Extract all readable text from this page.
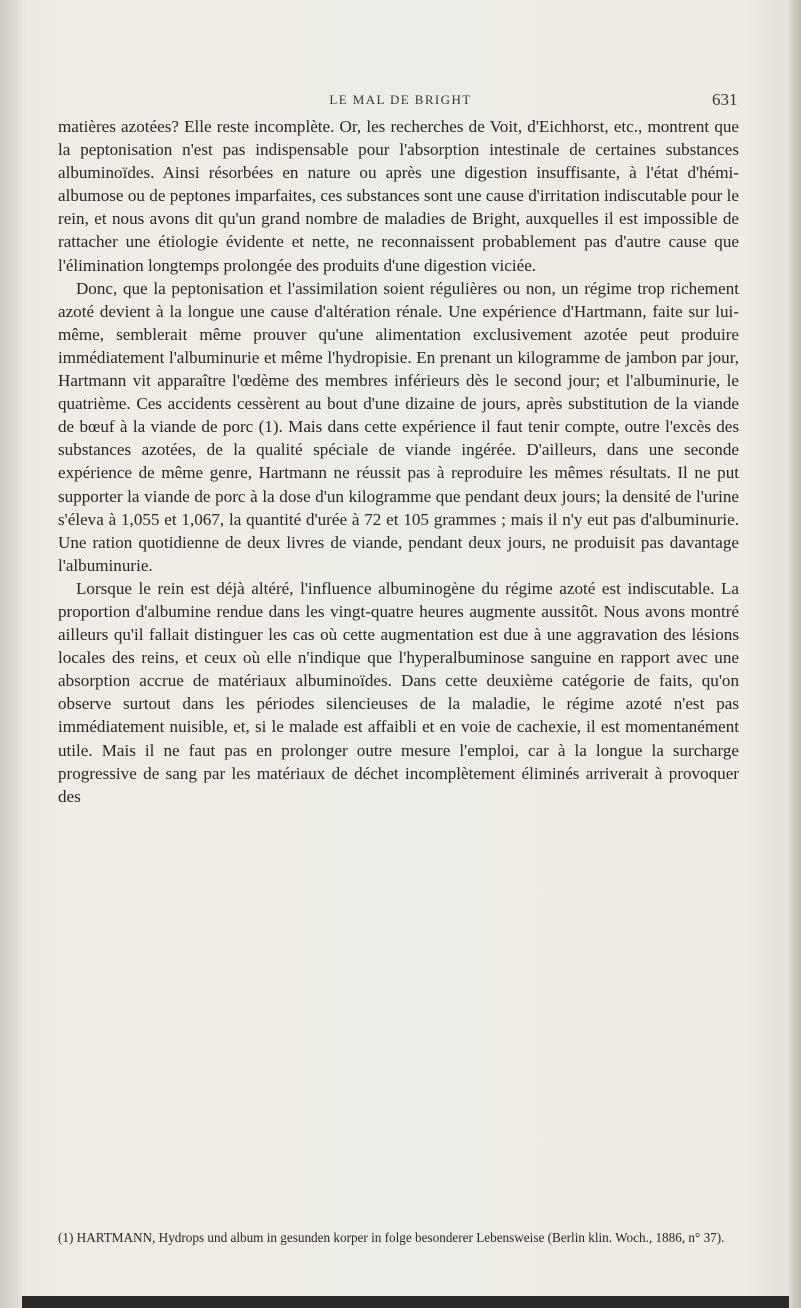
LE MAL DE BRIGHT	631

matières azotées? Elle reste incomplète. Or, les recherches de Voit, d'Eichhorst, etc., montrent que la peptonisation n'est pas indispensable pour l'absorption intestinale de certaines substances albuminoïdes. Ainsi résorbées en nature ou après une digestion insuffisante, à l'état d'hémi-albumose ou de peptones imparfaites, ces substances sont une cause d'irritation indiscutable pour le rein, et nous avons dit qu'un grand nombre de maladies de Bright, auxquelles il est impossible de rattacher une étiologie évidente et nette, ne reconnaissent probablement pas d'autre cause que l'élimination longtemps prolongée des produits d'une digestion viciée.

Donc, que la peptonisation et l'assimilation soient régulières ou non, un régime trop richement azoté devient à la longue une cause d'altération rénale. Une expérience d'Hartmann, faite sur lui-même, semblerait même prouver qu'une alimentation exclusivement azotée peut produire immédiatement l'albuminurie et même l'hydropisie. En prenant un kilogramme de jambon par jour, Hartmann vit apparaître l'œdème des membres inférieurs dès le second jour; et l'albuminurie, le quatrième. Ces accidents cessèrent au bout d'une dizaine de jours, après substitution de la viande de bœuf à la viande de porc (1). Mais dans cette expérience il faut tenir compte, outre l'excès des substances azotées, de la qualité spéciale de viande ingérée. D'ailleurs, dans une seconde expérience de même genre, Hartmann ne réussit pas à reproduire les mêmes résultats. Il ne put supporter la viande de porc à la dose d'un kilogramme que pendant deux jours; la densité de l'urine s'éleva à 1,055 et 1,067, la quantité d'urée à 72 et 105 grammes ; mais il n'y eut pas d'albuminurie. Une ration quotidienne de deux livres de viande, pendant deux jours, ne produisit pas davantage l'albuminurie.

Lorsque le rein est déjà altéré, l'influence albuminogène du régime azoté est indiscutable. La proportion d'albumine rendue dans les vingt-quatre heures augmente aussitôt. Nous avons montré ailleurs qu'il fallait distinguer les cas où cette augmentation est due à une aggravation des lésions locales des reins, et ceux où elle n'indique que l'hyperalbuminose sanguine en rapport avec une absorption accrue de matériaux albuminoïdes. Dans cette deuxième catégorie de faits, qu'on observe surtout dans les périodes silencieuses de la maladie, le régime azoté n'est pas immédiatement nuisible, et, si le malade est affaibli et en voie de cachexie, il est momentanément utile. Mais il ne faut pas en prolonger outre mesure l'emploi, car à la longue la surcharge progressive de sang par les matériaux de déchet incomplètement éliminés arriverait à provoquer des

(1) HARTMANN, Hydrops und album in gesunden korper in folge besonderer Lebensweise (Berlin klin. Woch., 1886, n° 37).
